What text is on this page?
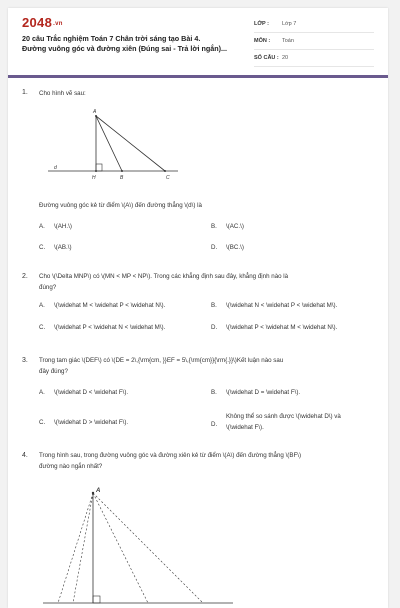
2048.vn
20 câu Trắc nghiệm Toán 7 Chân trời sáng tạo Bài 4.
Đường vuông góc và đường xiên (Đúng sai - Trả lời ngắn)...
LỚP :	Lớp 7
MÔN :	Toán
SỐ CÂU : 20
1. Cho hình vẽ sau:
A
H	B	C
d
Đường vuông góc kẻ từ điểm \(A\) đến đường thẳng \(d\) là
A. \(AH.\)	B. \(AC.\)
C. \(AB.\)	D. \(BC.\)
2. Cho \(\Delta MNP\) có \(MN < MP < NP\). Trong các khẳng định sau đây, khẳng định nào là
đúng?
A. \(\widehat M < \widehat P < \widehat N\).	B. \(\widehat N < \widehat P < \widehat M\).
C. \(\widehat P < \widehat N < \widehat M\).	D. \(\widehat P < \widehat M < \widehat N\).
3. Trong tam giác \(DEF\) có \(DE = 2\,{\rm{cm, }}EF = 5\,{\rm{cm}}{\rm{.}}\)Kết luận nào sau
đây đúng?
A. \(\widehat D < \widehat F\).	B. \(\widehat D = \widehat F\).
C. \(\widehat D > \widehat F\).	D.
Không thể so sánh được \(\widehat D\) và
\(\widehat F\).
4. Trong hình sau, trong đường vuông góc và đường xiên kẻ từ điểm \(A\) đến đường thẳng \(BF\)
đường nào ngắn nhất?
A
